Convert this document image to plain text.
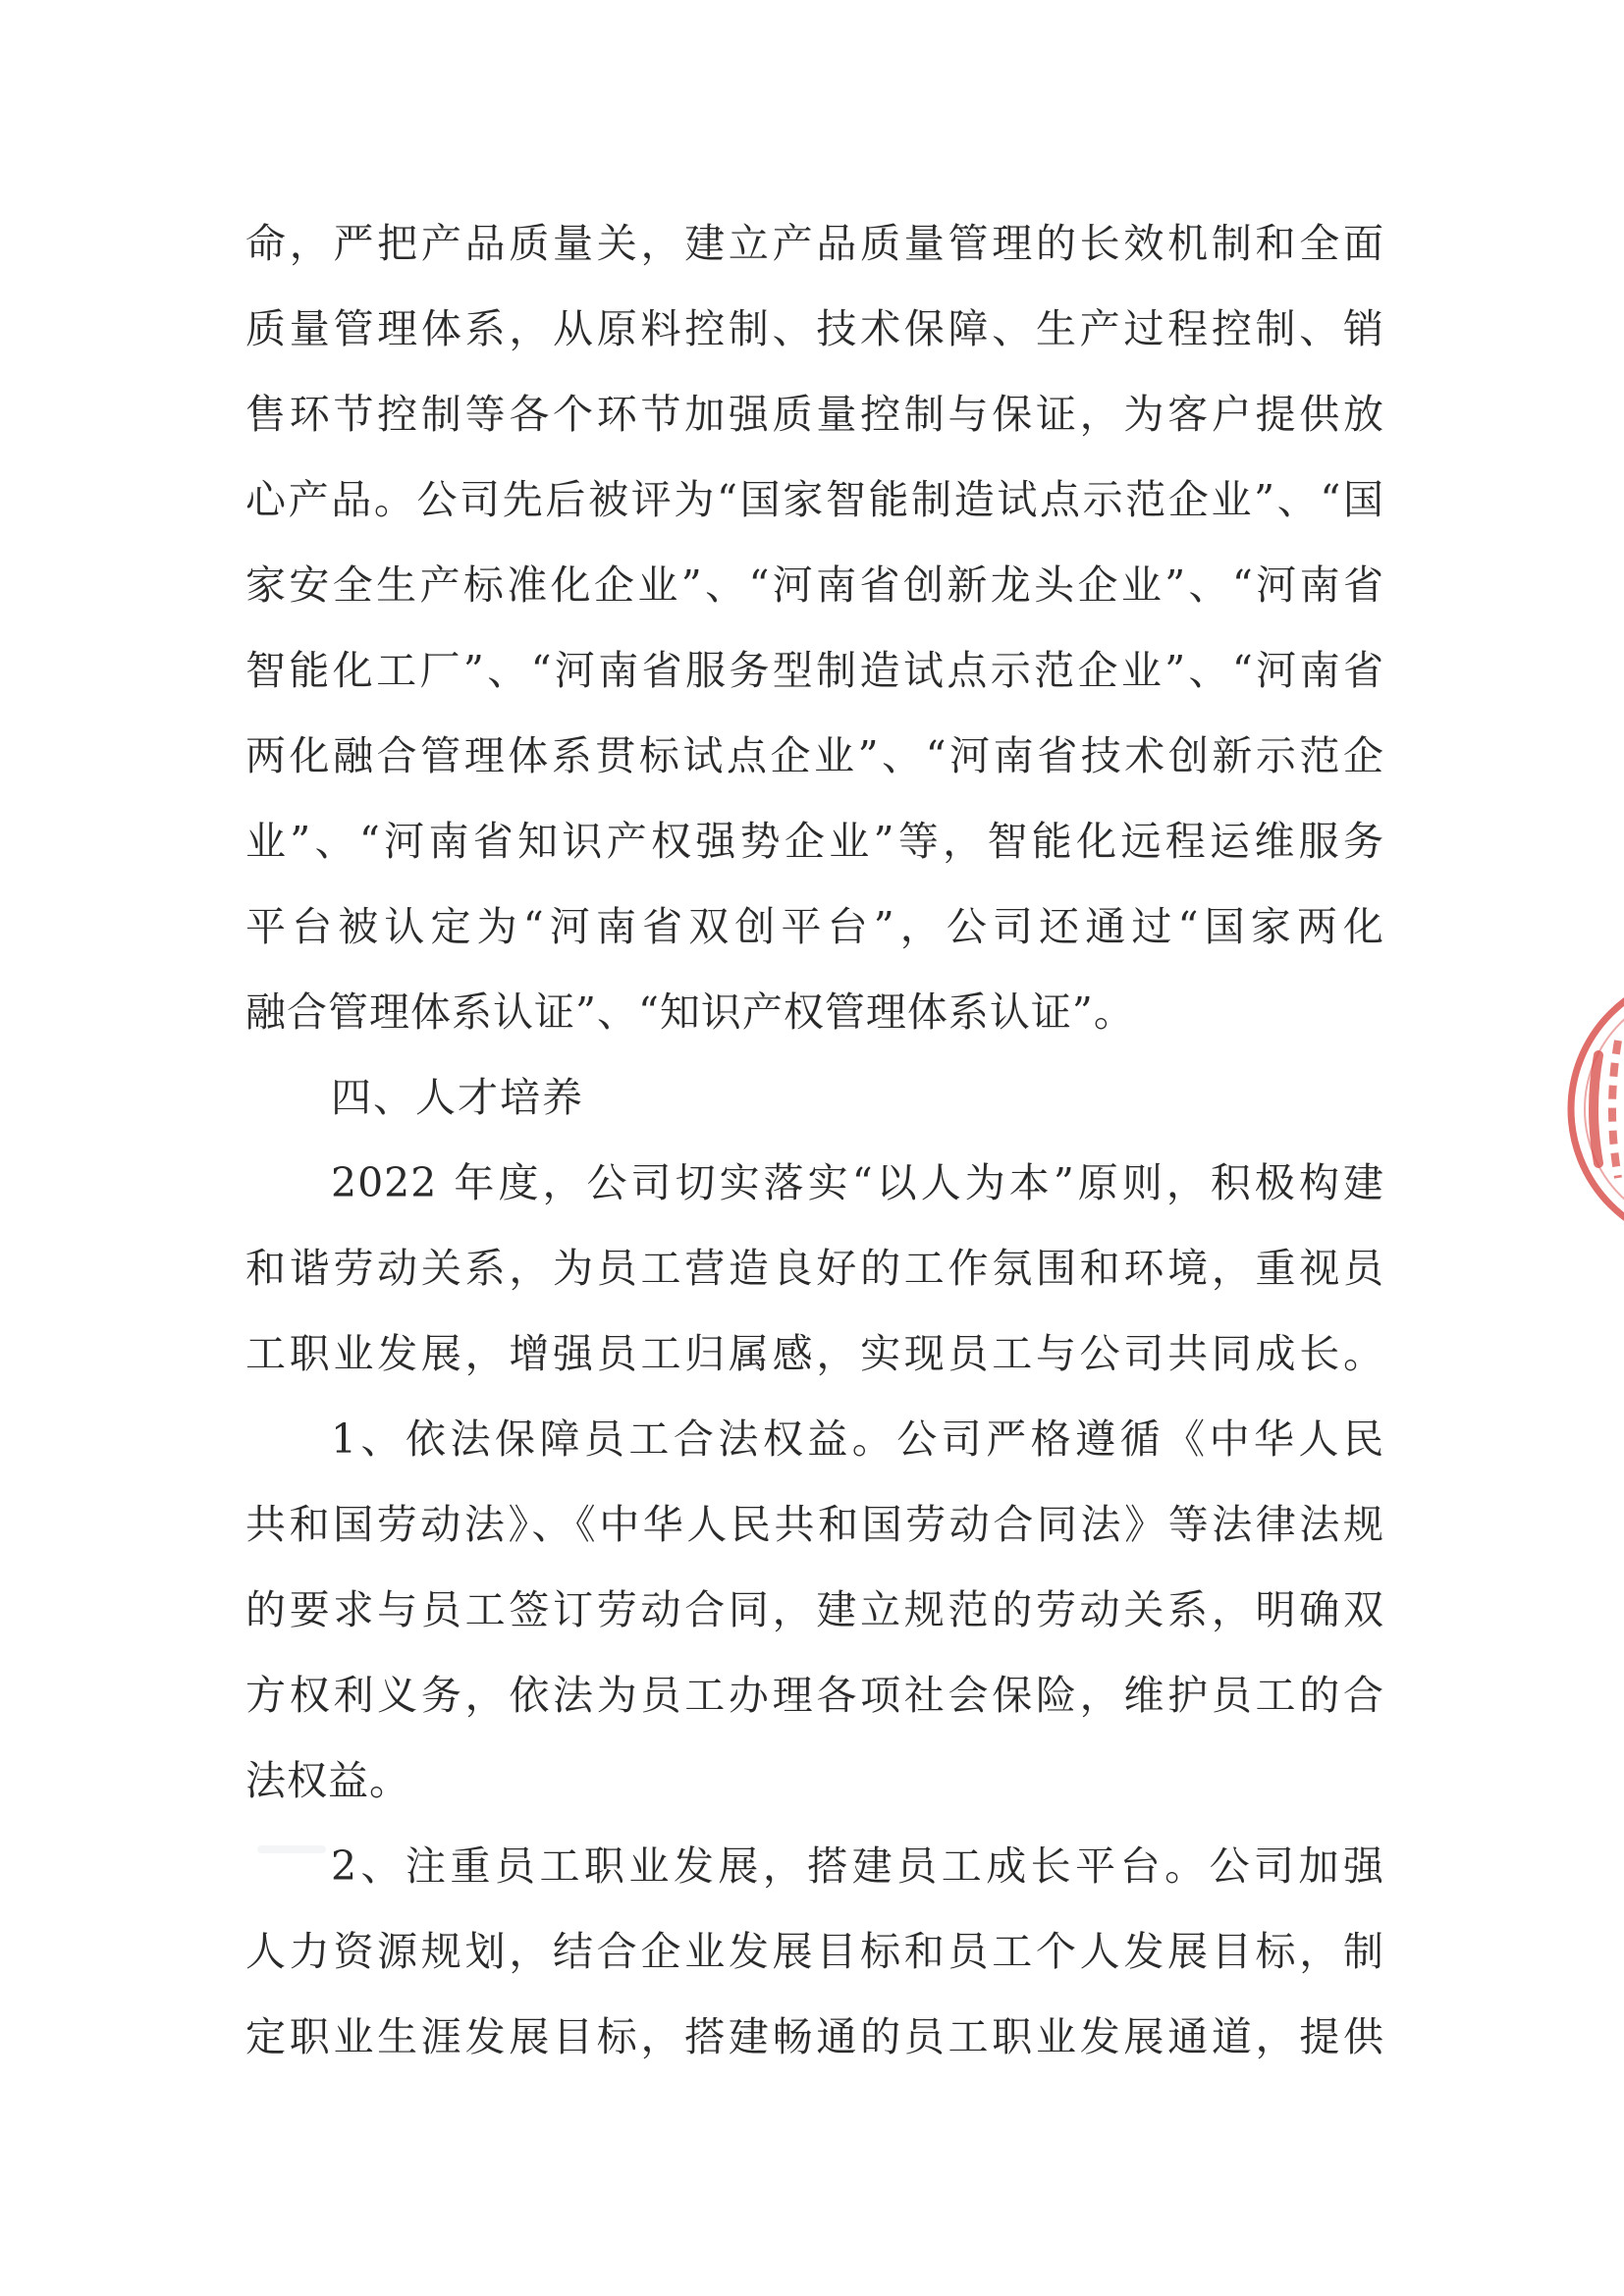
命，严把产品质量关，建立产品质量管理的长效机制和全面
质量管理体系，从原料控制、技术保障、生产过程控制、销
售环节控制等各个环节加强质量控制与保证，为客户提供放
心产品。公司先后被评为“国家智能制造试点示范企业”、“国
家安全生产标准化企业”、“河南省创新龙头企业”、“河南省
智能化工厂”、“河南省服务型制造试点示范企业”、“河南省
两化融合管理体系贯标试点企业”、“河南省技术创新示范企
业”、“河南省知识产权强势企业”等，智能化远程运维服务
平台被认定为“河南省双创平台”，公司还通过“国家两化
融合管理体系认证”、“知识产权管理体系认证”。
四、人才培养
2022 年度，公司切实落实“以人为本”原则，积极构建
和谐劳动关系，为员工营造良好的工作氛围和环境，重视员
工职业发展，增强员工归属感，实现员工与公司共同成长。
1、依法保障员工合法权益。公司严格遵循《中华人民
共和国劳动法》、《中华人民共和国劳动合同法》等法律法规
的要求与员工签订劳动合同，建立规范的劳动关系，明确双
方权利义务，依法为员工办理各项社会保险，维护员工的合
法权益。
2、注重员工职业发展，搭建员工成长平台。公司加强
人力资源规划，结合企业发展目标和员工个人发展目标，制
定职业生涯发展目标，搭建畅通的员工职业发展通道，提供
